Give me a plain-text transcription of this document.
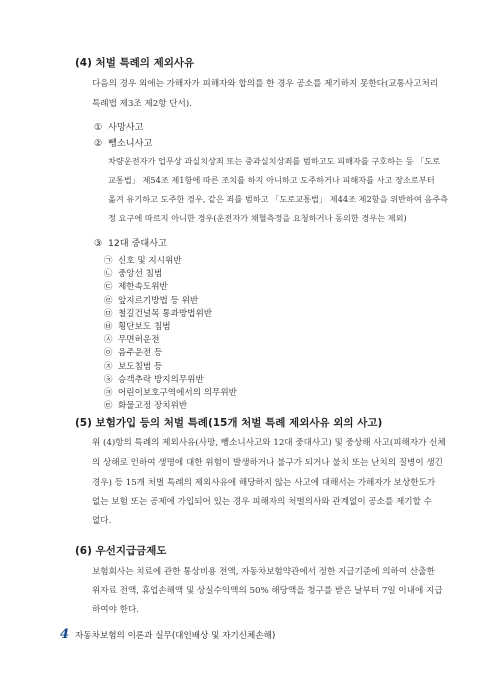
(4) 처벌 특례의 제외사유
다음의 경우 외에는 가해자가 피해자와 합의를 한 경우 공소를 제기하지 못한다(교통사고처리
특례법 제3조 제2항 단서).
① 사망사고
② 뺑소니사고
차량운전자가 업무상 과실치상죄 또는 중과실치상죄를 범하고도 피해자를 구호하는 등 「도로
교통법」 제54조 제1항에 따른 조치를 하지 아니하고 도주하거나 피해자를 사고 장소로부터
옮겨 유기하고 도주한 경우, 같은 죄를 범하고 「도로교통법」 제44조 제2항을 위반하여 음주측
정 요구에 따르지 아니한 경우(운전자가 채혈측정을 요청하거나 동의한 경우는 제외)
③ 12대 중대사고
㉠ 신호 및 지시위반
㉡ 중앙선 침범
㉢ 제한속도위반
㉣ 앞지르기방법 등 위반
㉤ 철길건널목 통과방법위반
㉥ 횡단보도 침범
㉦ 무면허운전
㉧ 음주운전 등
㉨ 보도침범 등
㉩ 승객추락 방지의무위반
㉪ 어린이보호구역에서의 의무위반
㉫ 화물고정 장치위반
(5) 보험가입 등의 처벌 특례(15개 처벌 특례 제외사유 외의 사고)
위 (4)항의 특례의 제외사유(사망, 뺑소니사고와 12대 중대사고) 및 중상해 사고(피해자가 신체
의 상해로 인하여 생명에 대한 위험이 발생하거나 불구가 되거나 불치 또는 난치의 질병이 생긴
경우) 등 15개 처벌 특례의 제외사유에 해당하지 않는 사고에 대해서는 가해자가 보상한도가
없는 보험 또는 공제에 가입되어 있는 경우 피해자의 처벌의사와 관계없이 공소를 제기할 수
없다.
4 자동차보험의 이론과 실무(대인배상 및 자기신체손해)
(6) 우선지급금제도
보험회사는 치료에 관한 통상비용 전액, 자동차보험약관에서 정한 지급기준에 의하여 산출한
위자료 전액, 휴업손해액 및 상실수익액의 50% 해당액을 청구를 받은 날부터 7일 이내에 지급
하여야 한다.
